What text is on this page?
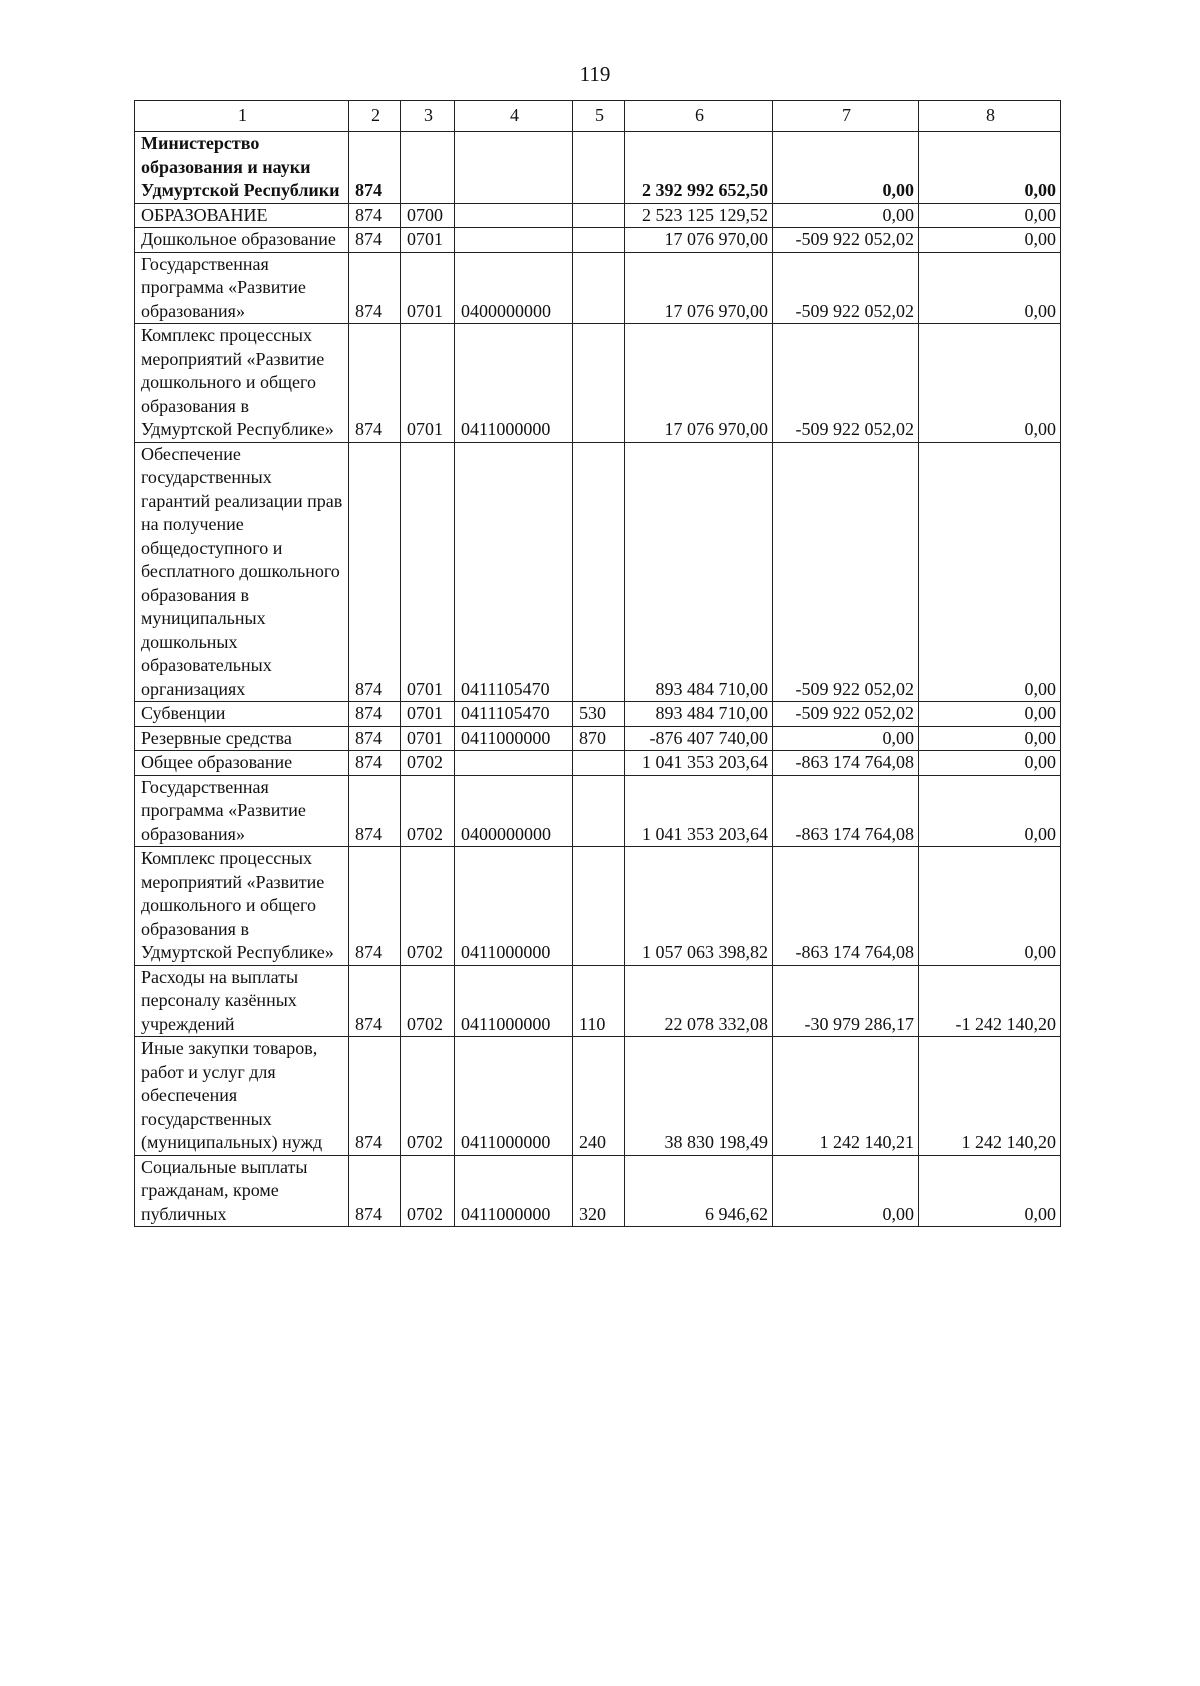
119
1	2	3	4	5	6	7	8
Министерство образования и науки Удмуртской Республики	874				2 392 992 652,50	0,00	0,00
ОБРАЗОВАНИЕ	874	0700			2 523 125 129,52	0,00	0,00
Дошкольное образование	874	0701			17 076 970,00	-509 922 052,02	0,00
Государственная программа «Развитие образования»	874	0701	0400000000		17 076 970,00	-509 922 052,02	0,00
Комплекс процессных мероприятий «Развитие дошкольного и общего образования в Удмуртской Республике»	874	0701	0411000000		17 076 970,00	-509 922 052,02	0,00
Обеспечение государственных гарантий реализации прав на получение общедоступного и бесплатного дошкольного образования в муниципальных дошкольных образовательных организациях	874	0701	0411105470		893 484 710,00	-509 922 052,02	0,00
Субвенции	874	0701	0411105470	530	893 484 710,00	-509 922 052,02	0,00
Резервные средства	874	0701	0411000000	870	-876 407 740,00	0,00	0,00
Общее образование	874	0702			1 041 353 203,64	-863 174 764,08	0,00
Государственная программа «Развитие образования»	874	0702	0400000000		1 041 353 203,64	-863 174 764,08	0,00
Комплекс процессных мероприятий «Развитие дошкольного и общего образования в Удмуртской Республике»	874	0702	0411000000		1 057 063 398,82	-863 174 764,08	0,00
Расходы на выплаты персоналу казённых учреждений	874	0702	0411000000	110	22 078 332,08	-30 979 286,17	-1 242 140,20
Иные закупки товаров, работ и услуг для обеспечения государственных (муниципальных) нужд	874	0702	0411000000	240	38 830 198,49	1 242 140,21	1 242 140,20
Социальные выплаты гражданам, кроме публичных	874	0702	0411000000	320	6 946,62	0,00	0,00
